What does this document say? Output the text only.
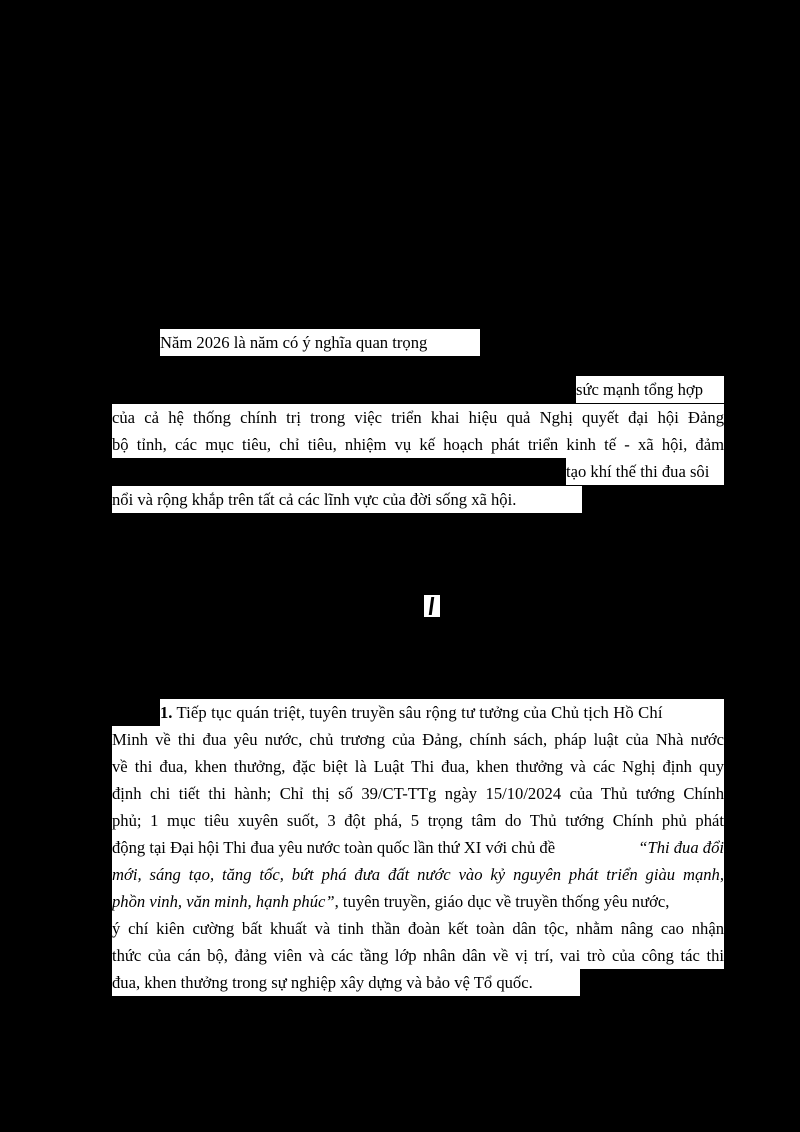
Năm 2026 là năm có ý nghĩa quan trọng
sức mạnh tổng hợp
của cả hệ thống chính trị trong việc triển khai hiệu quả Nghị quyết đại hội Đảng
bộ tỉnh, các mục tiêu, chỉ tiêu, nhiệm vụ kế hoạch phát triển kinh tế - xã hội, đảm
tạo khí thế thi đua sôi
nổi và rộng khắp trên tất cả các lĩnh vực của đời sống xã hội.
1. Tiếp tục quán triệt, tuyên truyền sâu rộng tư tưởng của Chủ tịch Hồ Chí
Minh về thi đua yêu nước, chủ trương của Đảng, chính sách, pháp luật của Nhà nước
về thi đua, khen thưởng, đặc biệt là Luật Thi đua, khen thưởng và các Nghị định quy
định chi tiết thi hành; Chỉ thị số 39/CT-TTg ngày 15/10/2024 của Thủ tướng Chính
phủ; 1 mục tiêu xuyên suốt, 3 đột phá, 5 trọng tâm do Thủ tướng Chính phủ phát
động tại Đại hội Thi đua yêu nước toàn quốc lần thứ XI với chủ đề	“Thi đua đổi
mới, sáng tạo, tăng tốc, bứt phá đưa đất nước vào kỷ nguyên phát triển giàu mạnh,
phồn vinh, văn minh, hạnh phúc”, tuyên truyền, giáo dục về truyền thống yêu nước,
ý chí kiên cường bất khuất và tinh thần đoàn kết toàn dân tộc, nhằm nâng cao nhận
thức của cán bộ, đảng viên và các tầng lớp nhân dân về vị trí, vai trò của công tác thi
đua, khen thưởng trong sự nghiệp xây dựng và bảo vệ Tổ quốc.
